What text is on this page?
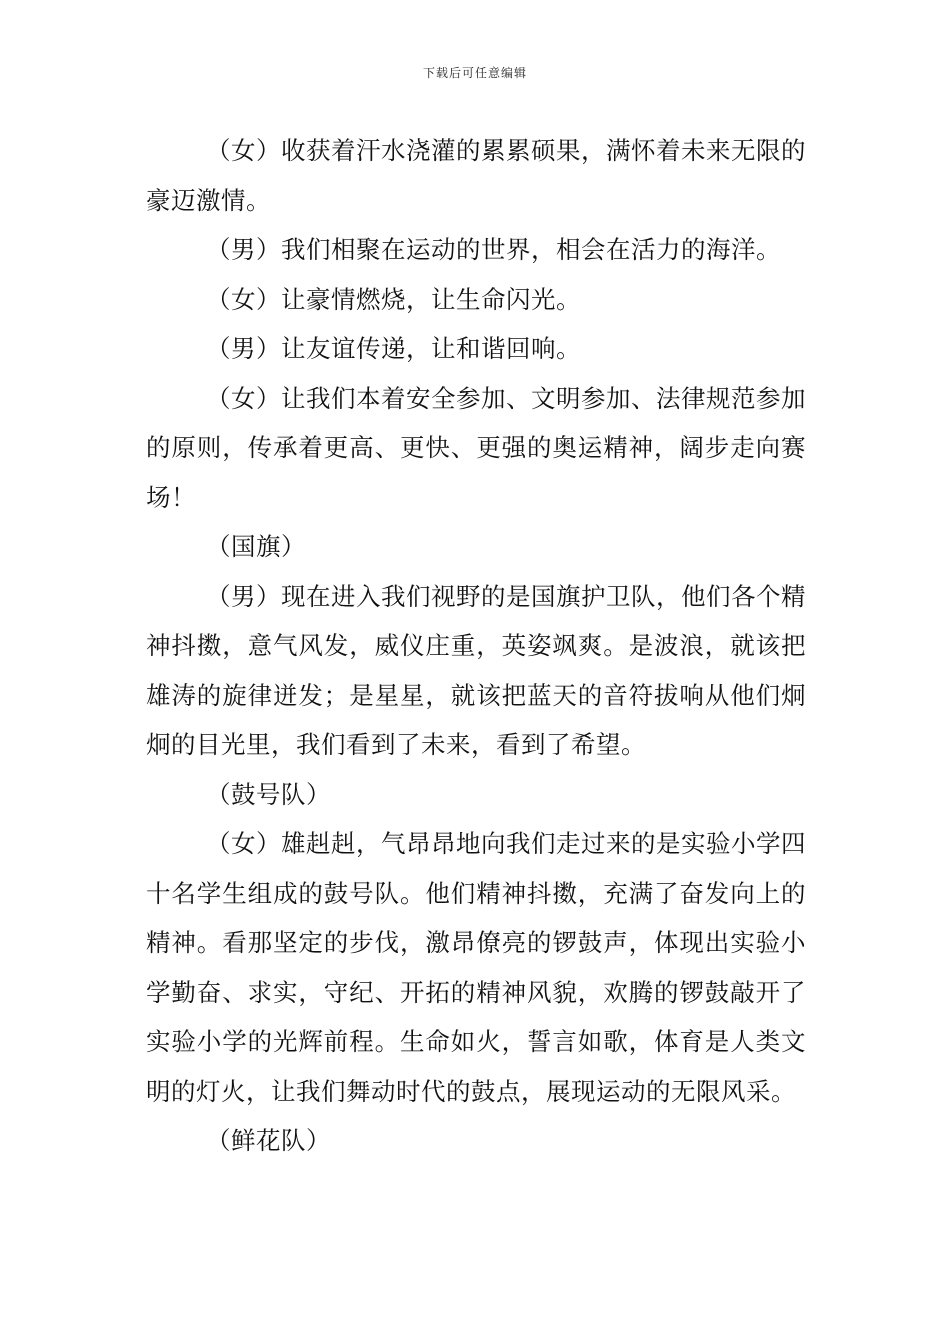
下载后可任意编辑

（女）收获着汗水浇灌的累累硕果，满怀着未来无限的豪迈激情。

（男）我们相聚在运动的世界，相会在活力的海洋。

（女）让豪情燃烧，让生命闪光。

（男）让友谊传递，让和谐回响。

（女）让我们本着安全参加、文明参加、法律规范参加的原则，传承着更高、更快、更强的奥运精神，阔步走向赛场！

（国旗）

（男）现在进入我们视野的是国旗护卫队，他们各个精神抖擞，意气风发，威仪庄重，英姿飒爽。是波浪，就该把雄涛的旋律迸发；是星星，就该把蓝天的音符拔响从他们炯炯的目光里，我们看到了未来，看到了希望。

（鼓号队）

（女）雄赳赳，气昂昂地向我们走过来的是实验小学四十名学生组成的鼓号队。他们精神抖擞，充满了奋发向上的精神。看那坚定的步伐，激昂僚亮的锣鼓声，体现出实验小学勤奋、求实，守纪、开拓的精神风貌，欢腾的锣鼓敲开了实验小学的光辉前程。生命如火，誓言如歌，体育是人类文明的灯火，让我们舞动时代的鼓点，展现运动的无限风采。

（鲜花队）
